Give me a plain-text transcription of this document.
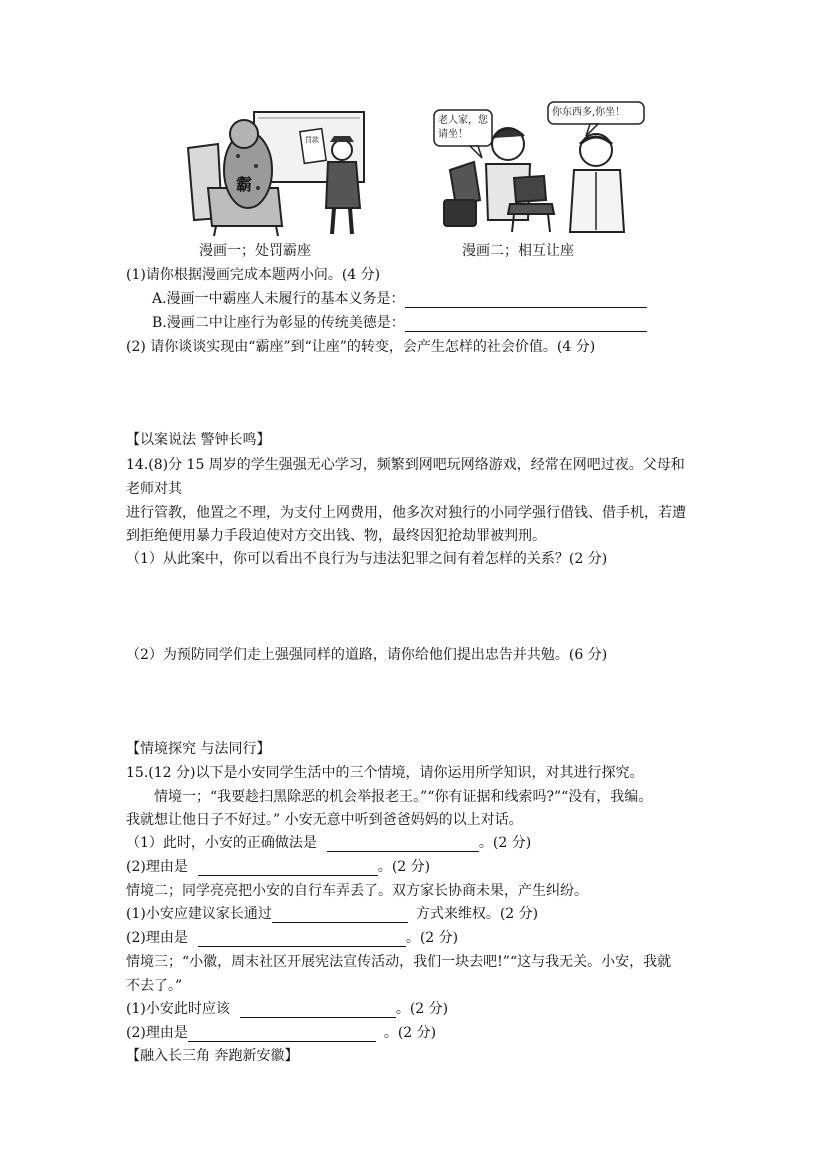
霸
罚款
漫画一；处罚霸座
老人家，您请坐！
你东西多,你坐！
漫画二；相互让座
(1)请你根据漫画完成本题两小问。(4 分)
A.漫画一中霸座人未履行的基本义务是：
B.漫画二中让座行为彰显的传统美德是：
(2) 请你谈谈实现由“霸座”到“让座”的转变，会产生怎样的社会价值。(4 分)
【以案说法 警钟长鸣】
14.(8)分 15 周岁的学生强强无心学习，频繁到网吧玩网络游戏，经常在网吧过夜。父母和
老师对其
进行管教，他置之不理，为支付上网费用，他多次对独行的小同学强行借钱、借手机，若遭
到拒绝便用暴力手段迫使对方交出钱、物，最终因犯抢劫罪被判刑。
（1）从此案中，你可以看出不良行为与违法犯罪之间有着怎样的关系？(2 分)
（2）为预防同学们走上强强同样的道路，请你给他们提出忠告并共勉。(6 分)
【情境探究 与法同行】
15.(12 分)以下是小安同学生活中的三个情境，请你运用所学知识，对其进行探究。
情境一；“我要趁扫黑除恶的机会举报老王。”“你有证据和线索吗?”“没有，我编。
我就想让他日子不好过。” 小安无意中听到爸爸妈妈的以上对话。
（1）此时，小安的正确做法是	。(2 分)
(2)理由是	。(2 分)
情境二；同学亮亮把小安的自行车弄丢了。双方家长协商未果，产生纠纷。
(1)小安应建议家长通过	方式来维权。(2 分)
(2)理由是	。(2 分)
情境三；“小徽，周末社区开展宪法宣传活动，我们一块去吧!”“这与我无关。小安，我就
不去了。”
(1)小安此时应该	。(2 分)
(2)理由是	。(2 分)
【融入长三角 奔跑新安徽】
